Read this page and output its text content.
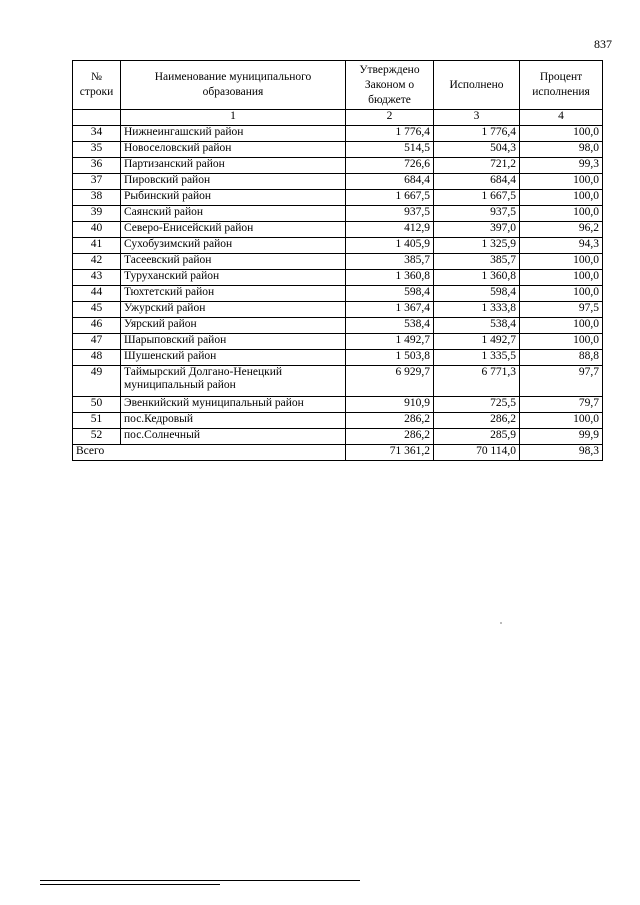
837
№ строки	Наименование муниципального образования	Утверждено Законом о бюджете	Исполнено	Процент исполнения
	1	2	3	4
34	Нижнеингашский район	1 776,4	1 776,4	100,0
35	Новоселовский район	514,5	504,3	98,0
36	Партизанский район	726,6	721,2	99,3
37	Пировский район	684,4	684,4	100,0
38	Рыбинский район	1 667,5	1 667,5	100,0
39	Саянский район	937,5	937,5	100,0
40	Северо-Енисейский район	412,9	397,0	96,2
41	Сухобузимский район	1 405,9	1 325,9	94,3
42	Тасеевский район	385,7	385,7	100,0
43	Туруханский район	1 360,8	1 360,8	100,0
44	Тюхтетский район	598,4	598,4	100,0
45	Ужурский район	1 367,4	1 333,8	97,5
46	Уярский район	538,4	538,4	100,0
47	Шарыповский район	1 492,7	1 492,7	100,0
48	Шушенский район	1 503,8	1 335,5	88,8
49	Таймырский Долгано-Ненецкий муниципальный район	6 929,7	6 771,3	97,7
50	Эвенкийский муниципальный район	910,9	725,5	79,7
51	пос.Кедровый	286,2	286,2	100,0
52	пос.Солнечный	286,2	285,9	99,9
Всего		71 361,2	70 114,0	98,3
